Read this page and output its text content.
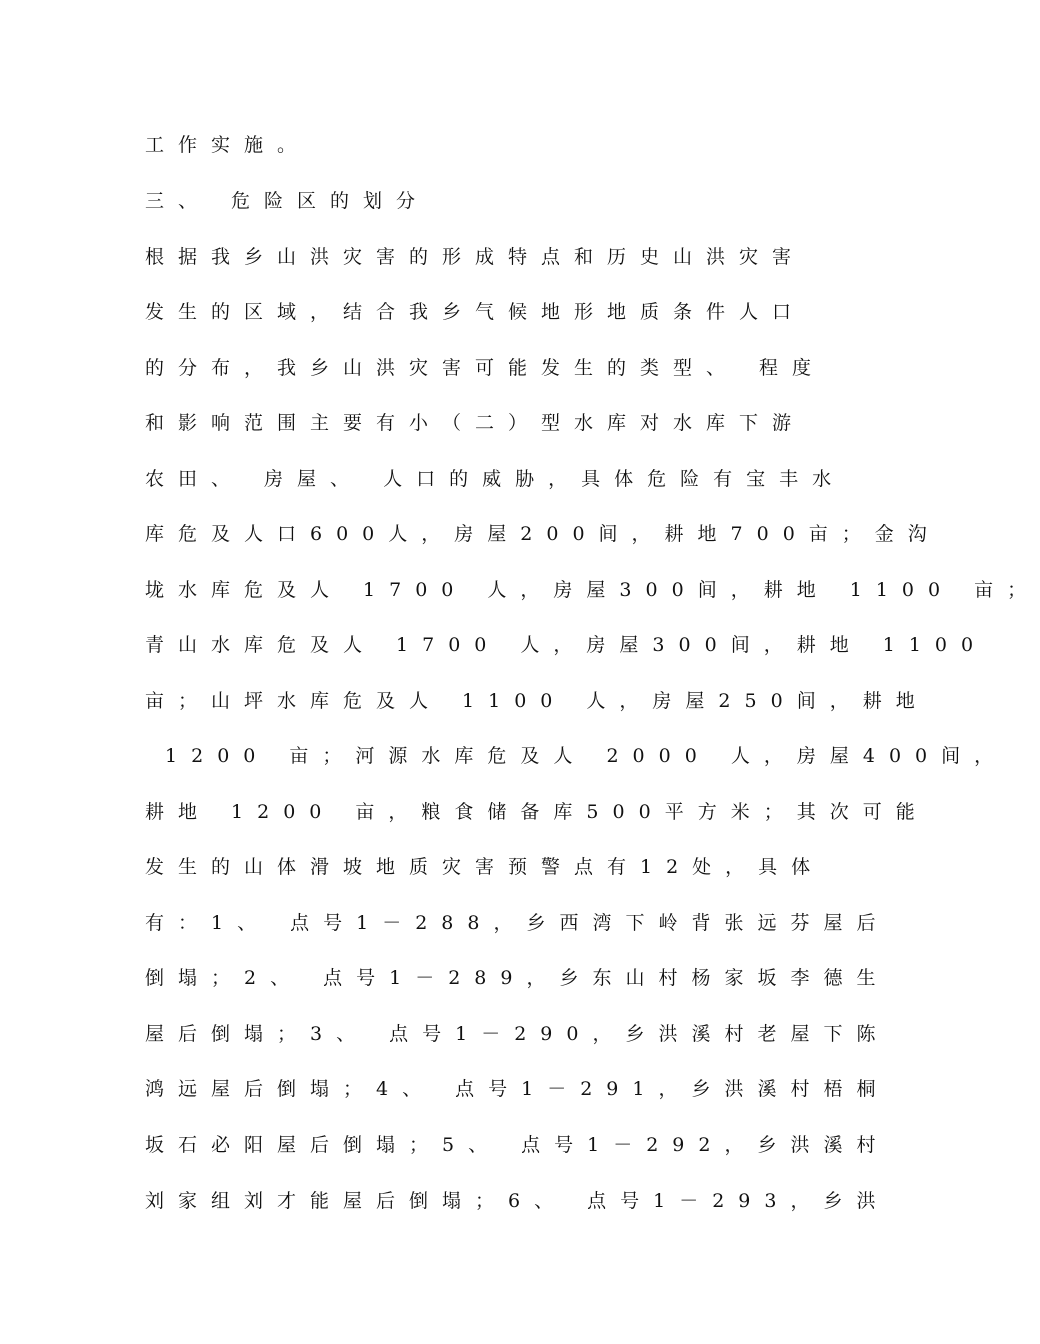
工作实施。
三、 危险区的划分
根据我乡山洪灾害的形成特点和历史山洪灾害
发生的区域，结合我乡气候地形地质条件人口
的分布，我乡山洪灾害可能发生的类型、 程度
和影响范围主要有小（二）型水库对水库下游
农田、 房屋、 人口的威胁，具体危险有宝丰水
库危及人口600人，房屋200间，耕地700亩；金沟
垅水库危及人 1700 人，房屋300间，耕地 1100 亩；
青山水库危及人 1700 人，房屋300间，耕地 1100
亩；山坪水库危及人 1100 人，房屋250间，耕地
1200 亩；河源水库危及人 2000 人，房屋400间，
耕地 1200 亩，粮食储备库500平方米；其次可能
发生的山体滑坡地质灾害预警点有12处，具体
有：1、 点号1－288，乡西湾下岭背张远芬屋后
倒塌；2、 点号1－289，乡东山村杨家坂李德生
屋后倒塌；3、 点号1－290，乡洪溪村老屋下陈
鸿远屋后倒塌；4、 点号1－291，乡洪溪村梧桐
坂石必阳屋后倒塌；5、 点号1－292，乡洪溪村
刘家组刘才能屋后倒塌；6、 点号1－293，乡洪
